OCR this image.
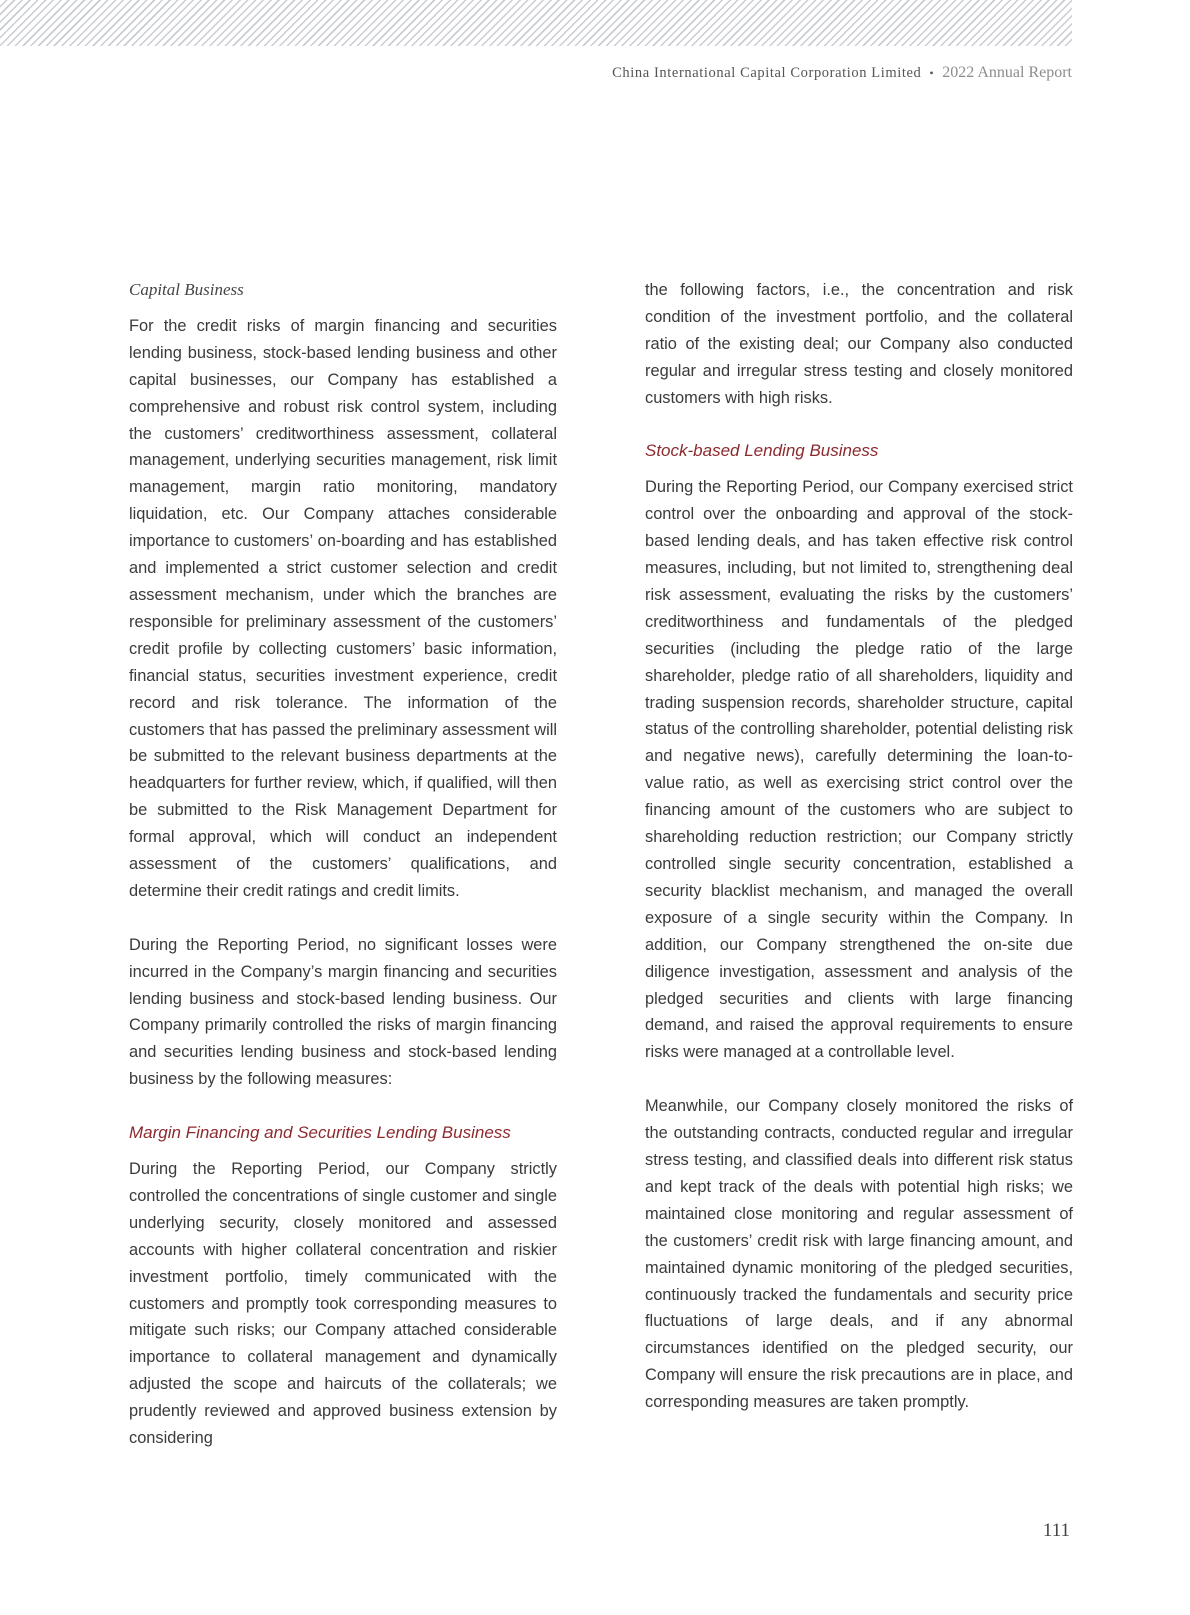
China International Capital Corporation Limited • 2022 Annual Report
Capital Business

For the credit risks of margin financing and securities lending business, stock-based lending business and other capital businesses, our Company has established a comprehensive and robust risk control system, including the customers’ creditworthiness assessment, collateral management, underlying securities management, risk limit management, margin ratio monitoring, mandatory liquidation, etc. Our Company attaches considerable importance to customers’ on-boarding and has established and implemented a strict customer selection and credit assessment mechanism, under which the branches are responsible for preliminary assessment of the customers’ credit profile by collecting customers’ basic information, financial status, securities investment experience, credit record and risk tolerance. The information of the customers that has passed the preliminary assessment will be submitted to the relevant business departments at the headquarters for further review, which, if qualified, will then be submitted to the Risk Management Department for formal approval, which will conduct an independent assessment of the customers’ qualifications, and determine their credit ratings and credit limits.

During the Reporting Period, no significant losses were incurred in the Company’s margin financing and securities lending business and stock-based lending business. Our Company primarily controlled the risks of margin financing and securities lending business and stock-based lending business by the following measures:

Margin Financing and Securities Lending Business

During the Reporting Period, our Company strictly controlled the concentrations of single customer and single underlying security, closely monitored and assessed accounts with higher collateral concentration and riskier investment portfolio, timely communicated with the customers and promptly took corresponding measures to mitigate such risks; our Company attached considerable importance to collateral management and dynamically adjusted the scope and haircuts of the collaterals; we prudently reviewed and approved business extension by considering

the following factors, i.e., the concentration and risk condition of the investment portfolio, and the collateral ratio of the existing deal; our Company also conducted regular and irregular stress testing and closely monitored customers with high risks.

Stock-based Lending Business

During the Reporting Period, our Company exercised strict control over the onboarding and approval of the stock-based lending deals, and has taken effective risk control measures, including, but not limited to, strengthening deal risk assessment, evaluating the risks by the customers’ creditworthiness and fundamentals of the pledged securities (including the pledge ratio of the large shareholder, pledge ratio of all shareholders, liquidity and trading suspension records, shareholder structure, capital status of the controlling shareholder, potential delisting risk and negative news), carefully determining the loan-to-value ratio, as well as exercising strict control over the financing amount of the customers who are subject to shareholding reduction restriction; our Company strictly controlled single security concentration, established a security blacklist mechanism, and managed the overall exposure of a single security within the Company. In addition, our Company strengthened the on-site due diligence investigation, assessment and analysis of the pledged securities and clients with large financing demand, and raised the approval requirements to ensure risks were managed at a controllable level.

Meanwhile, our Company closely monitored the risks of the outstanding contracts, conducted regular and irregular stress testing, and classified deals into different risk status and kept track of the deals with potential high risks; we maintained close monitoring and regular assessment of the customers’ credit risk with large financing amount, and maintained dynamic monitoring of the pledged securities, continuously tracked the fundamentals and security price fluctuations of large deals, and if any abnormal circumstances identified on the pledged security, our Company will ensure the risk precautions are in place, and corresponding measures are taken promptly.

111
